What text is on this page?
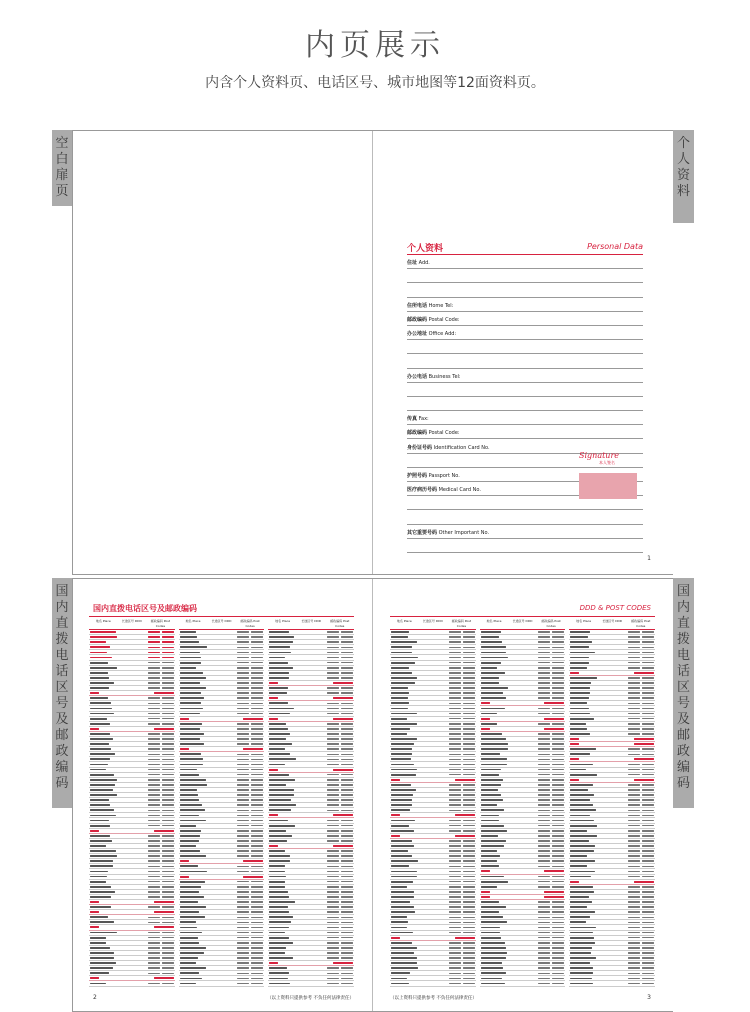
内页展示
内含个人资料页、电话区号、城市地图等12面资料页。
空
白
扉
页
个
人
资
料
国
内
直
拨
电
话
区
号
及
邮
政
编
码
国
内
直
拨
电
话
区
号
及
邮
政
编
码
个人资料	Personal Data
住址 Add.
住所电话 Home Tel:
邮政编码 Postal Code:
办公地址 Office Add:
办公电话 Business Tel:
传真 Fax:
邮政编码 Postal Code:
身份证号码 Identification Card No.
护照号码 Passport No.
医疗病历号码 Medical Card No.
其它重要号码 Other Important No.
Signature
本人签名
1
国内直拨电话区号及邮政编码
地名 Place	长途区号 DDD	邮政编码 Post Codes
地名 Place	长途区号 DDD	邮政编码 Post Codes
地名 Place	长途区号 DDD	邮政编码 Post Codes
（以上资料只提供参考 不负任何法律责任）
2
DDD & POST CODES
地名 Place	长途区号 DDD	邮政编码 Post Codes
地名 Place	长途区号 DDD	邮政编码 Post Codes
地名 Place	长途区号 DDD	邮政编码 Post Codes
（以上资料只提供参考 不负任何法律责任）	3
